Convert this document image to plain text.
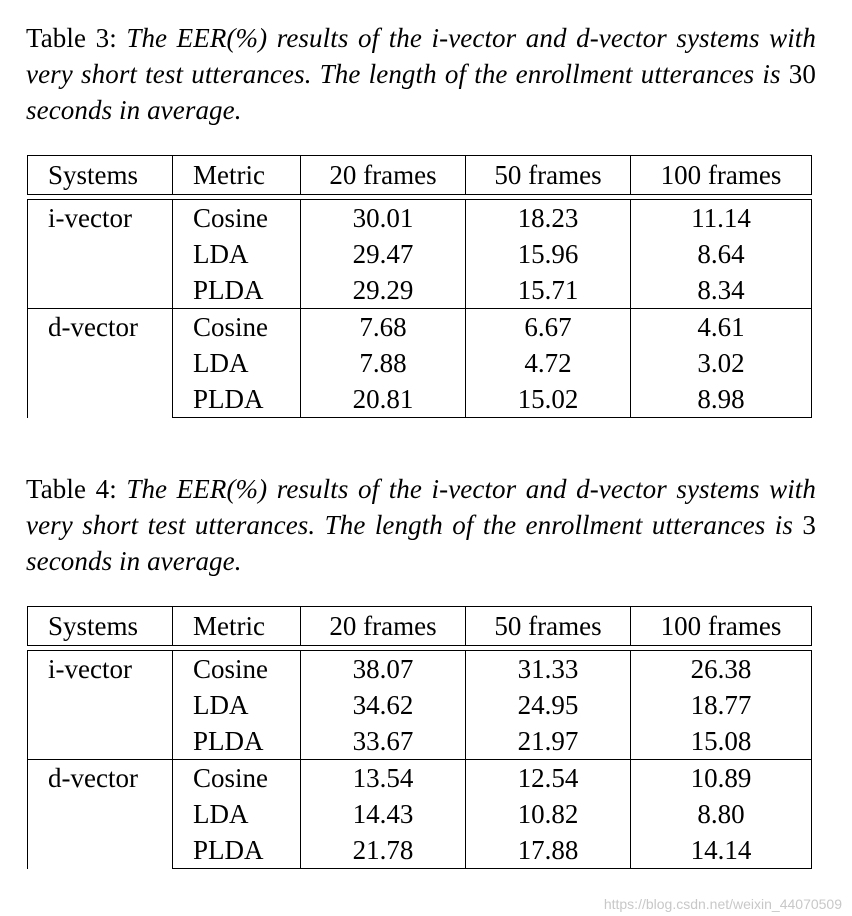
Table 3: The EER(%) results of the i-vector and d-vector systems with very short test utterances. The length of the enrollment utterances is 30 seconds in average.
Systems	Metric	20 frames	50 frames	100 frames

i-vector	Cosine	30.01	18.23	11.14
	LDA	29.47	15.96	8.64
	PLDA	29.29	15.71	8.34
d-vector	Cosine	7.68	6.67	4.61
	LDA	7.88	4.72	3.02
	PLDA	20.81	15.02	8.98
Table 4: The EER(%) results of the i-vector and d-vector systems with very short test utterances. The length of the enrollment utterances is 3 seconds in average.
Systems	Metric	20 frames	50 frames	100 frames

i-vector	Cosine	38.07	31.33	26.38
	LDA	34.62	24.95	18.77
	PLDA	33.67	21.97	15.08
d-vector	Cosine	13.54	12.54	10.89
	LDA	14.43	10.82	8.80
	PLDA	21.78	17.88	14.14
https://blog.csdn.net/weixin_44070509
